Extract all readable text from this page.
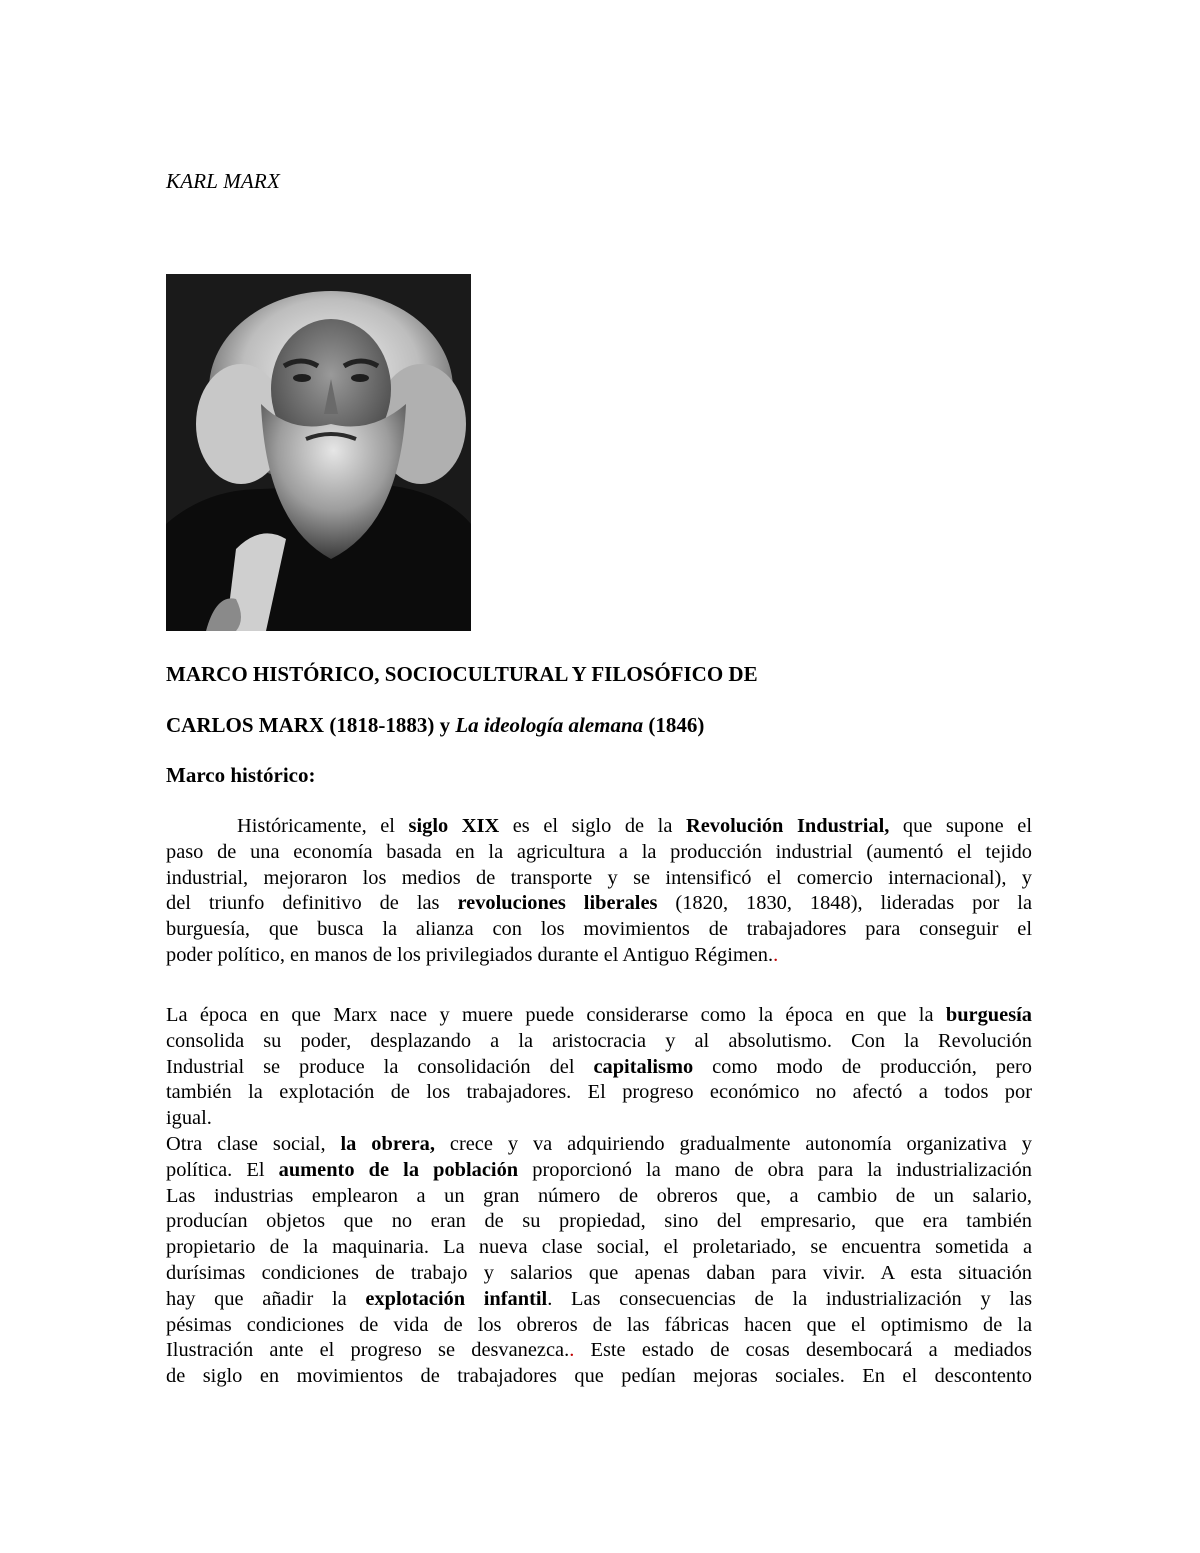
KARL MARX
MARCO HISTÓRICO, SOCIOCULTURAL Y FILOSÓFICO DE
CARLOS MARX (1818-1883) y La ideología alemana (1846)
Marco histórico:
Históricamente, el siglo XIX es el siglo de la Revolución Industrial, que supone el
paso de una economía basada en la agricultura a la producción industrial (aumentó el tejido
industrial, mejoraron los medios de transporte y se intensificó el comercio internacional), y
del triunfo definitivo de las revoluciones liberales (1820, 1830, 1848), lideradas por la
burguesía, que busca la alianza con los movimientos de trabajadores para conseguir el
poder político, en manos de los privilegiados durante el Antiguo Régimen..
La época en que Marx nace y muere puede considerarse como la época en que la burguesía
consolida su poder, desplazando a la aristocracia y al absolutismo. Con la Revolución
Industrial se produce la consolidación del capitalismo como modo de producción, pero
también la explotación de los trabajadores. El progreso económico no afectó a todos por
igual.
Otra clase social, la obrera, crece y va adquiriendo gradualmente autonomía organizativa y
política. El aumento de la población proporcionó la mano de obra para la industrialización
Las industrias emplearon a un gran número de obreros que, a cambio de un salario,
producían objetos que no eran de su propiedad, sino del empresario, que era también
propietario de la maquinaria. La nueva clase social, el proletariado, se encuentra sometida a
durísimas condiciones de trabajo y salarios que apenas daban para vivir. A esta situación
hay que añadir la explotación infantil. Las consecuencias de la industrialización y las
pésimas condiciones de vida de los obreros de las fábricas hacen que el optimismo de la
Ilustración ante el progreso se desvanezca.. Este estado de cosas desembocará a mediados
de siglo en movimientos de trabajadores que pedían mejoras sociales. En el descontento
